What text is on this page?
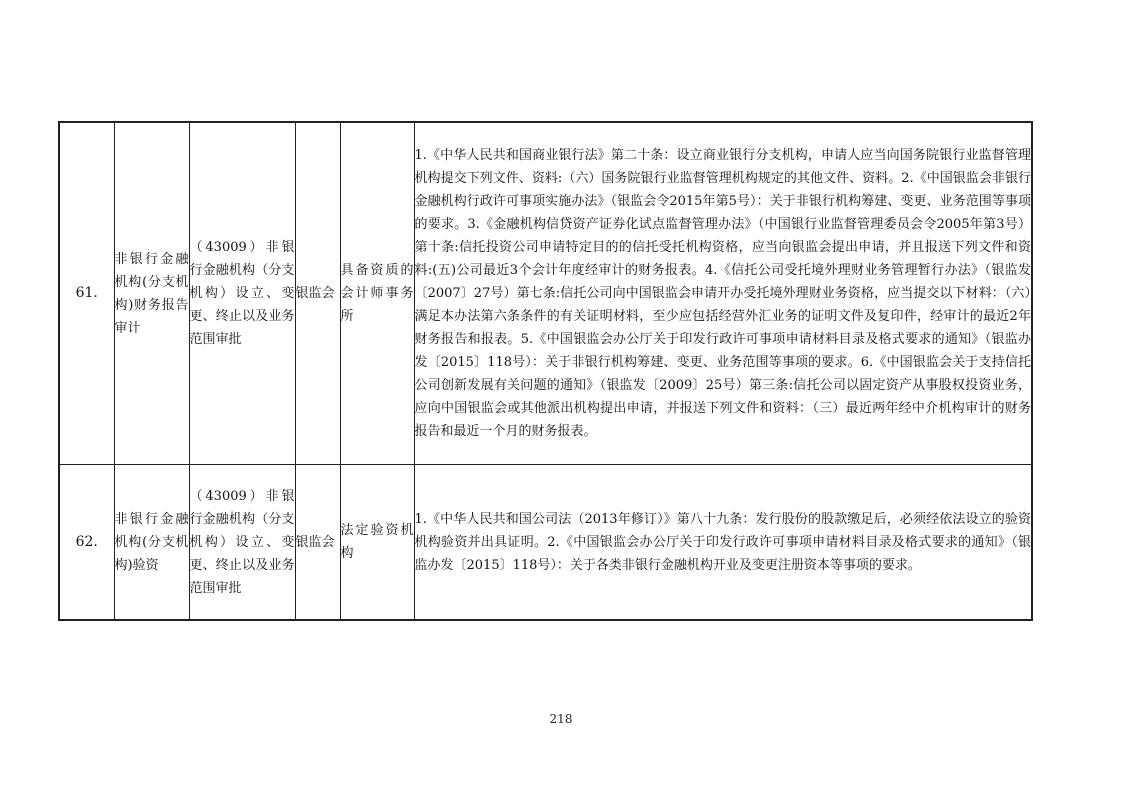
61.	非银行金融机构(分支机构)财务报告审计	（43009）非银行金融机构（分支机构）设立、变更、终止以及业务范围审批	银监会	具备资质的会计师事务所	1.《中华人民共和国商业银行法》第二十条：设立商业银行分支机构，申请人应当向国务院银行业监督管理机构提交下列文件、资料:（六）国务院银行业监督管理机构规定的其他文件、资料。2.《中国银监会非银行金融机构行政许可事项实施办法》（银监会令2015年第5号）：关于非银行机构筹建、变更、业务范围等事项的要求。3.《金融机构信贷资产证券化试点监督管理办法》（中国银行业监督管理委员会令2005年第3号）第十条:信托投资公司申请特定目的的信托受托机构资格，应当向银监会提出申请，并且报送下列文件和资料:(五)公司最近3个会计年度经审计的财务报表。4.《信托公司受托境外理财业务管理暂行办法》（银监发〔2007〕27号）第七条:信托公司向中国银监会申请开办受托境外理财业务资格，应当提交以下材料：（六）满足本办法第六条条件的有关证明材料，至少应包括经营外汇业务的证明文件及复印件，经审计的最近2年财务报告和报表。5.《中国银监会办公厅关于印发行政许可事项申请材料目录及格式要求的通知》（银监办发〔2015〕118号）：关于非银行机构筹建、变更、业务范围等事项的要求。6.《中国银监会关于支持信托公司创新发展有关问题的通知》（银监发〔2009〕25号）第三条:信托公司以固定资产从事股权投资业务，应向中国银监会或其他派出机构提出申请，并报送下列文件和资料：（三）最近两年经中介机构审计的财务报告和最近一个月的财务报表。
62.	非银行金融机构(分支机构)验资	（43009）非银行金融机构（分支机构）设立、变更、终止以及业务范围审批	银监会	法定验资机构	1.《中华人民共和国公司法（2013年修订）》第八十九条：发行股份的股款缴足后，必须经依法设立的验资机构验资并出具证明。2.《中国银监会办公厅关于印发行政许可事项申请材料目录及格式要求的通知》（银监办发〔2015〕118号）：关于各类非银行金融机构开业及变更注册资本等事项的要求。
218
